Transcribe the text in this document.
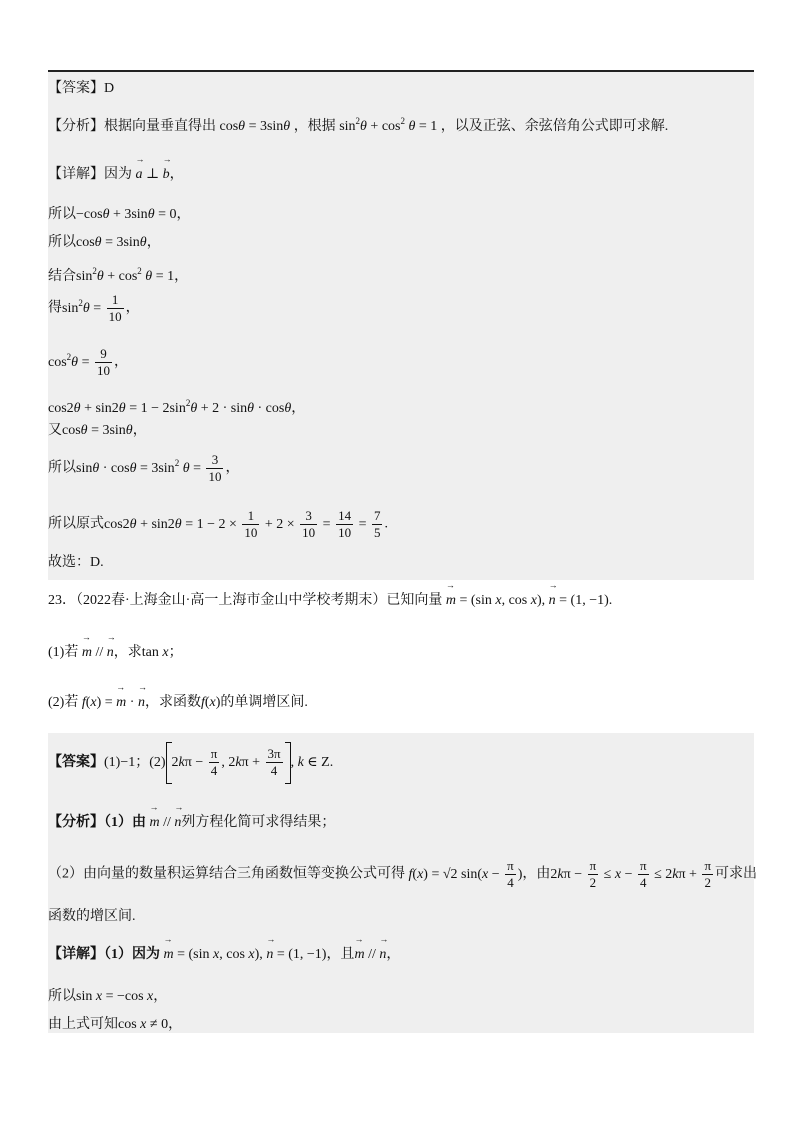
【答案】D
【分析】根据向量垂直得出 cosθ = 3sinθ ，根据 $\sin^2\theta + \cos^2 \theta = 1$ ，以及正弦、余弦倍角公式即可求解.
【详解】因为 → a ⊥ → b，
所以−cosθ + 3sinθ = 0，
所以cosθ = 3sinθ，
结合$\sin^2\theta + \cos^2 \theta = 1$，
得$\sin^2\theta = \frac{1}{10}$ ，
$\cos^2\theta = \frac{9}{10}$ ，
$\cos 2\theta + \sin 2\theta = 1 - 2\sin^2\theta + 2 \cdot \sin\theta \cdot \cos\theta$，
又cosθ = 3sinθ，
所以$\sin\theta \cdot \cos\theta = 3\sin^2$ $\theta = \frac{3}{10}$ ，
所以原式$\cos 2\theta + \sin 2\theta = 1 - 2 \times \frac{1}{10} + 2 \times \frac{3}{10} = \frac{14}{10} = \frac{7}{5}$ .
故选：D.
23．（2022春·上海金山·高一上海市金山中学校考期末）已知向量 → m = (sin x, cos x), → n = (1, −1).
(1)若 → m // → n，求tan x；
(2)若 f(x) = → m · → n，求函数f(x)的单调增区间.
【答案】(1)−1；(2) $2k\pi - \frac{\pi}{4}$ , $2k\pi + \frac{3\pi}{4}$ , k ∈ Z.
【分析】（1）由 → m // → n列方程化简可求得结果；
（2）由向量的数量积运算结合三角函数恒等变换公式可得 f(x) = √2 $\sin(x - \frac{\pi}{4}$ )，由$2k\pi - \frac{\pi}{2} \le x - \frac{\pi}{4} \le 2k\pi + \frac{\pi}{2}$ 可求出
函数的增区间.
【详解】（1）因为 → m = (sin x, cos x), → n = (1, −1)，且→ m // → n，
所以sin x = −cos x，
由上式可知cos x ≠ 0，
